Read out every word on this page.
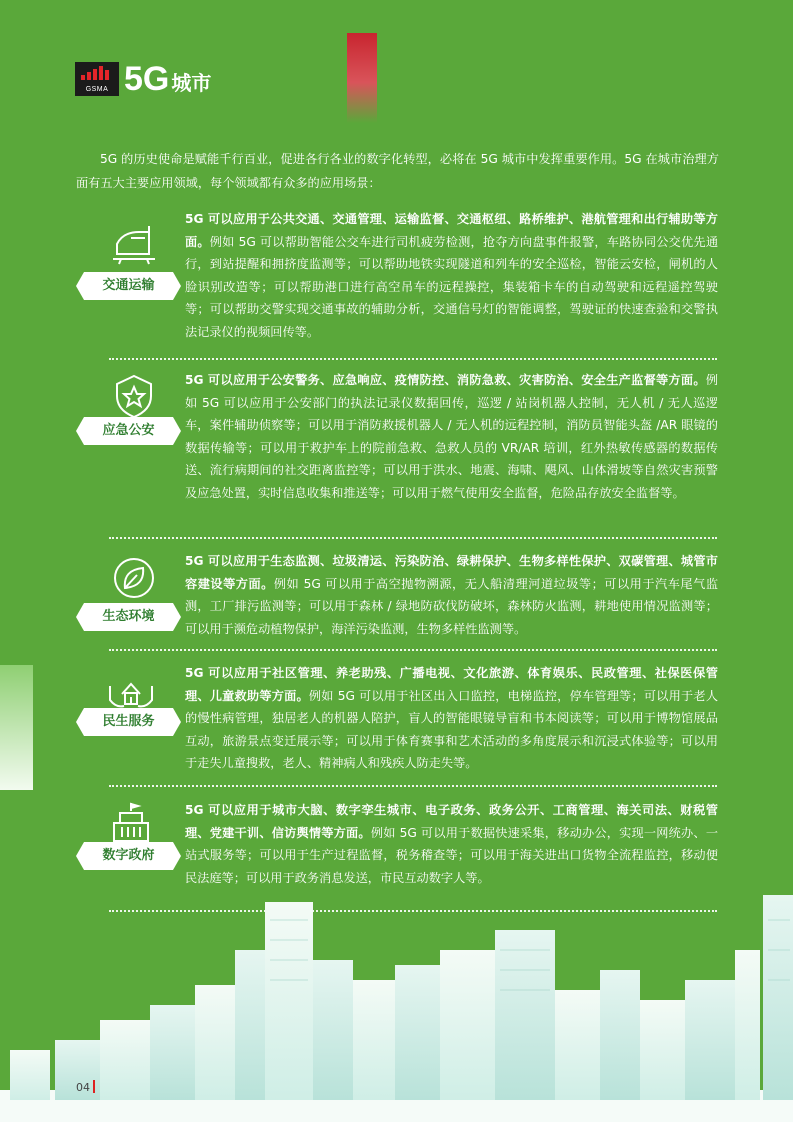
GSMA 5G 城市
5G 的历史使命是赋能千行百业，促进各行各业的数字化转型，必将在 5G 城市中发挥重要作用。5G 在城市治理方面有五大主要应用领域，每个领域都有众多的应用场景：
交通运输
5G 可以应用于公共交通、交通管理、运输监督、交通枢纽、路桥维护、港航管理和出行辅助等方面。例如 5G 可以帮助智能公交车进行司机疲劳检测，抢夺方向盘事件报警，车路协同公交优先通行，到站提醒和拥挤度监测等；可以帮助地铁实现隧道和列车的安全巡检，智能云安检，闸机的人脸识别改造等；可以帮助港口进行高空吊车的远程操控，集装箱卡车的自动驾驶和远程遥控驾驶等；可以帮助交警实现交通事故的辅助分析，交通信号灯的智能调整，驾驶证的快速查验和交警执法记录仪的视频回传等。
应急公安
5G 可以应用于公安警务、应急响应、疫情防控、消防急救、灾害防治、安全生产监督等方面。例如 5G 可以应用于公安部门的执法记录仪数据回传，巡逻 / 站岗机器人控制，无人机 / 无人巡逻车，案件辅助侦察等；可以用于消防救援机器人 / 无人机的远程控制，消防员智能头盔 /AR 眼镜的数据传输等；可以用于救护车上的院前急救、急救人员的 VR/AR 培训，红外热敏传感器的数据传送、流行病期间的社交距离监控等；可以用于洪水、地震、海啸、飓风、山体滑坡等自然灾害预警及应急处置，实时信息收集和推送等；可以用于燃气使用安全监督，危险品存放安全监督等。
生态环境
5G 可以应用于生态监测、垃圾清运、污染防治、绿耕保护、生物多样性保护、双碳管理、城管市容建设等方面。例如 5G 可以用于高空抛物溯源，无人船清理河道垃圾等；可以用于汽车尾气监测，工厂排污监测等；可以用于森林 / 绿地防砍伐防破坏，森林防火监测，耕地使用情况监测等；可以用于濒危动植物保护，海洋污染监测，生物多样性监测等。
民生服务
5G 可以应用于社区管理、养老助残、广播电视、文化旅游、体育娱乐、民政管理、社保医保管理、儿童救助等方面。例如 5G 可以用于社区出入口监控，电梯监控，停车管理等；可以用于老人的慢性病管理，独居老人的机器人陪护，盲人的智能眼镜导盲和书本阅读等；可以用于博物馆展品互动，旅游景点变迁展示等；可以用于体育赛事和艺术活动的多角度展示和沉浸式体验等；可以用于走失儿童搜救，老人、精神病人和残疾人防走失等。
数字政府
5G 可以应用于城市大脑、数字孪生城市、电子政务、政务公开、工商管理、海关司法、财税管理、党建干训、信访舆情等方面。例如 5G 可以用于数据快速采集，移动办公，实现一网统办、一站式服务等；可以用于生产过程监督，税务稽查等；可以用于海关进出口货物全流程监控，移动便民法庭等；可以用于政务消息发送，市民互动数字人等。
04
